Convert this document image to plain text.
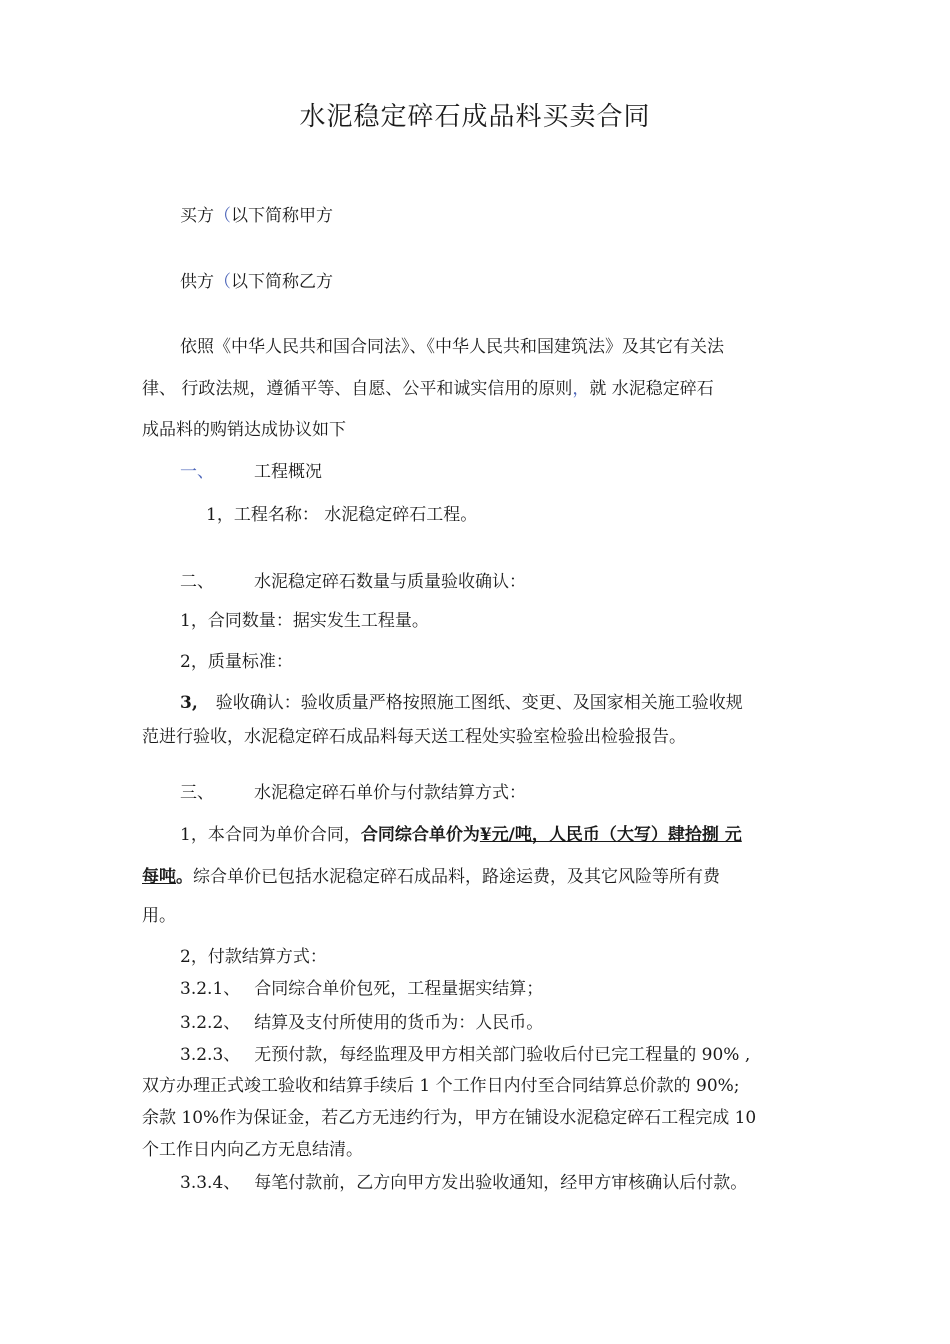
水泥稳定碎石成品料买卖合同
买方（以下简称甲方
供方（以下简称乙方
依照《中华人民共和国合同法》、《中华人民共和国建筑法》及其它有关法
律、 行政法规，遵循平等、自愿、公平和诚实信用的原则，就 水泥稳定碎石
成品料的购销达成协议如下
一、 工程概况
1，工程名称： 水泥稳定碎石工程。
二、 水泥稳定碎石数量与质量验收确认：
1，合同数量：据实发生工程量。
2，质量标准：
3, 验收确认：验收质量严格按照施工图纸、变更、及国家相关施工验收规
范进行验收，水泥稳定碎石成品料每天送工程处实验室检验出检验报告。
三、 水泥稳定碎石单价与付款结算方式：
1，本合同为单价合同，合同综合单价为¥元/吨，人民币（大写）肆拾捌 元
每吨。综合单价已包括水泥稳定碎石成品料，路途运费，及其它风险等所有费
用。
2，付款结算方式：
3.2.1、 合同综合单价包死，工程量据实结算；
3.2.2、 结算及支付所使用的货币为：人民币。
3.2.3、 无预付款，每经监理及甲方相关部门验收后付已完工程量的 90% ,
双方办理正式竣工验收和结算手续后 1 个工作日内付至合同结算总价款的 90%;
余款 10%作为保证金，若乙方无违约行为，甲方在铺设水泥稳定碎石工程完成 10
个工作日内向乙方无息结清。
3.3.4、 每笔付款前，乙方向甲方发出验收通知，经甲方审核确认后付款。
